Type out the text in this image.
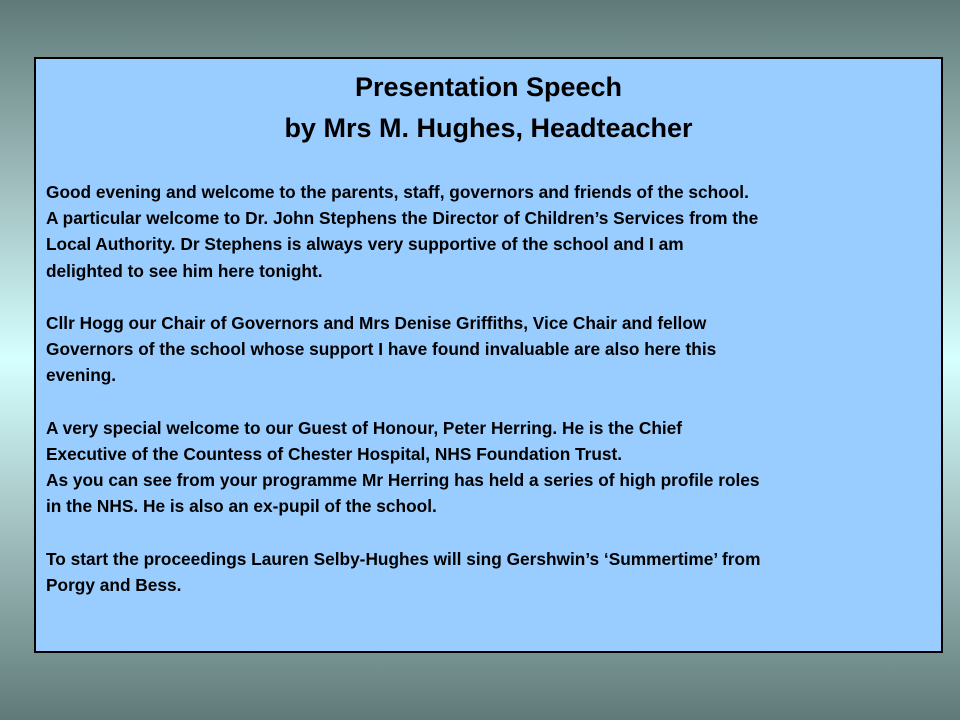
Presentation Speech
by Mrs M. Hughes, Headteacher

Good evening and welcome to the parents, staff, governors and friends of the school.
A particular welcome to Dr. John Stephens the Director of Children’s Services from the
Local Authority. Dr Stephens is always very supportive of the school and I am
delighted to see him here tonight.

Cllr Hogg our Chair of Governors and Mrs Denise Griffiths, Vice Chair and fellow
Governors of the school whose support I have found invaluable are also here this
evening.

A very special welcome to our Guest of Honour, Peter Herring. He is the Chief
Executive of the Countess of Chester Hospital, NHS Foundation Trust.
As you can see from your programme Mr Herring has held a series of high profile roles
in the NHS. He is also an ex-pupil of the school.

To start the proceedings Lauren Selby-Hughes will sing Gershwin’s ‘Summertime’ from
Porgy and Bess.
